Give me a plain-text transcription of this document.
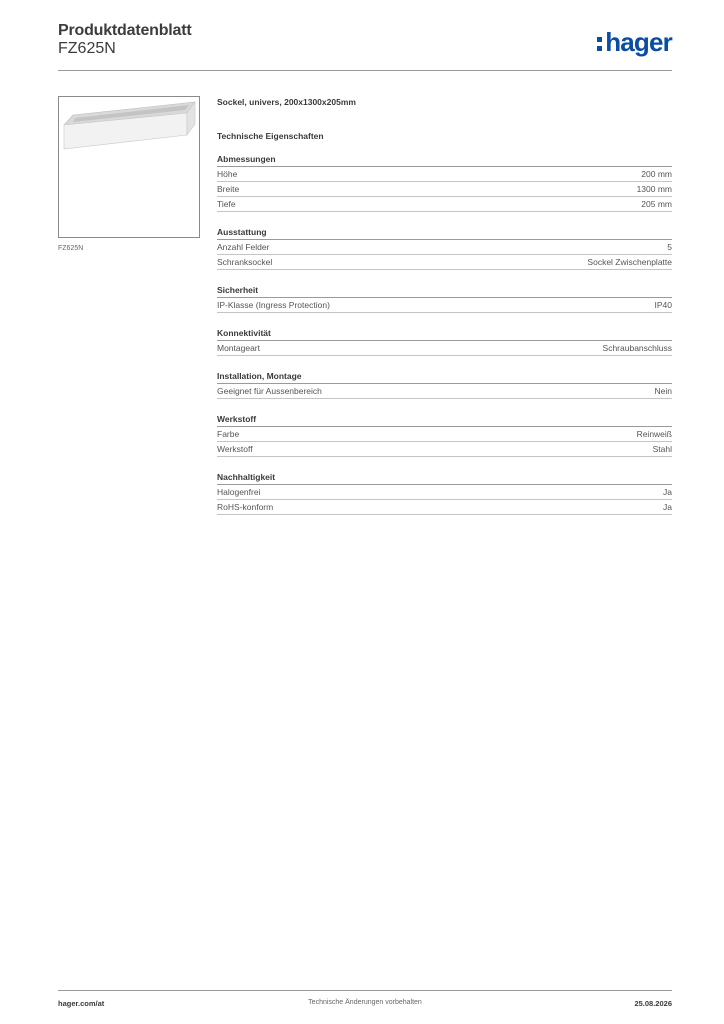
Produktdatenblatt
FZ625N	hager
FZ625N
Sockel, univers, 200x1300x205mm
Technische Eigenschaften
Abmessungen
Höhe	200 mm
Breite	1300 mm
Tiefe	205 mm
Ausstattung
Anzahl Felder	5
Schranksockel	Sockel Zwischenplatte
Sicherheit
IP-Klasse (Ingress Protection)	IP40
Konnektivität
Montageart	Schraubanschluss
Installation, Montage
Geeignet für Aussenbereich	Nein
Werkstoff
Farbe	Reinweiß
Werkstoff	Stahl
Nachhaltigkeit
Halogenfrei	Ja
RoHS-konform	Ja
hager.com/at	Technische Änderungen vorbehalten	25.08.2026
